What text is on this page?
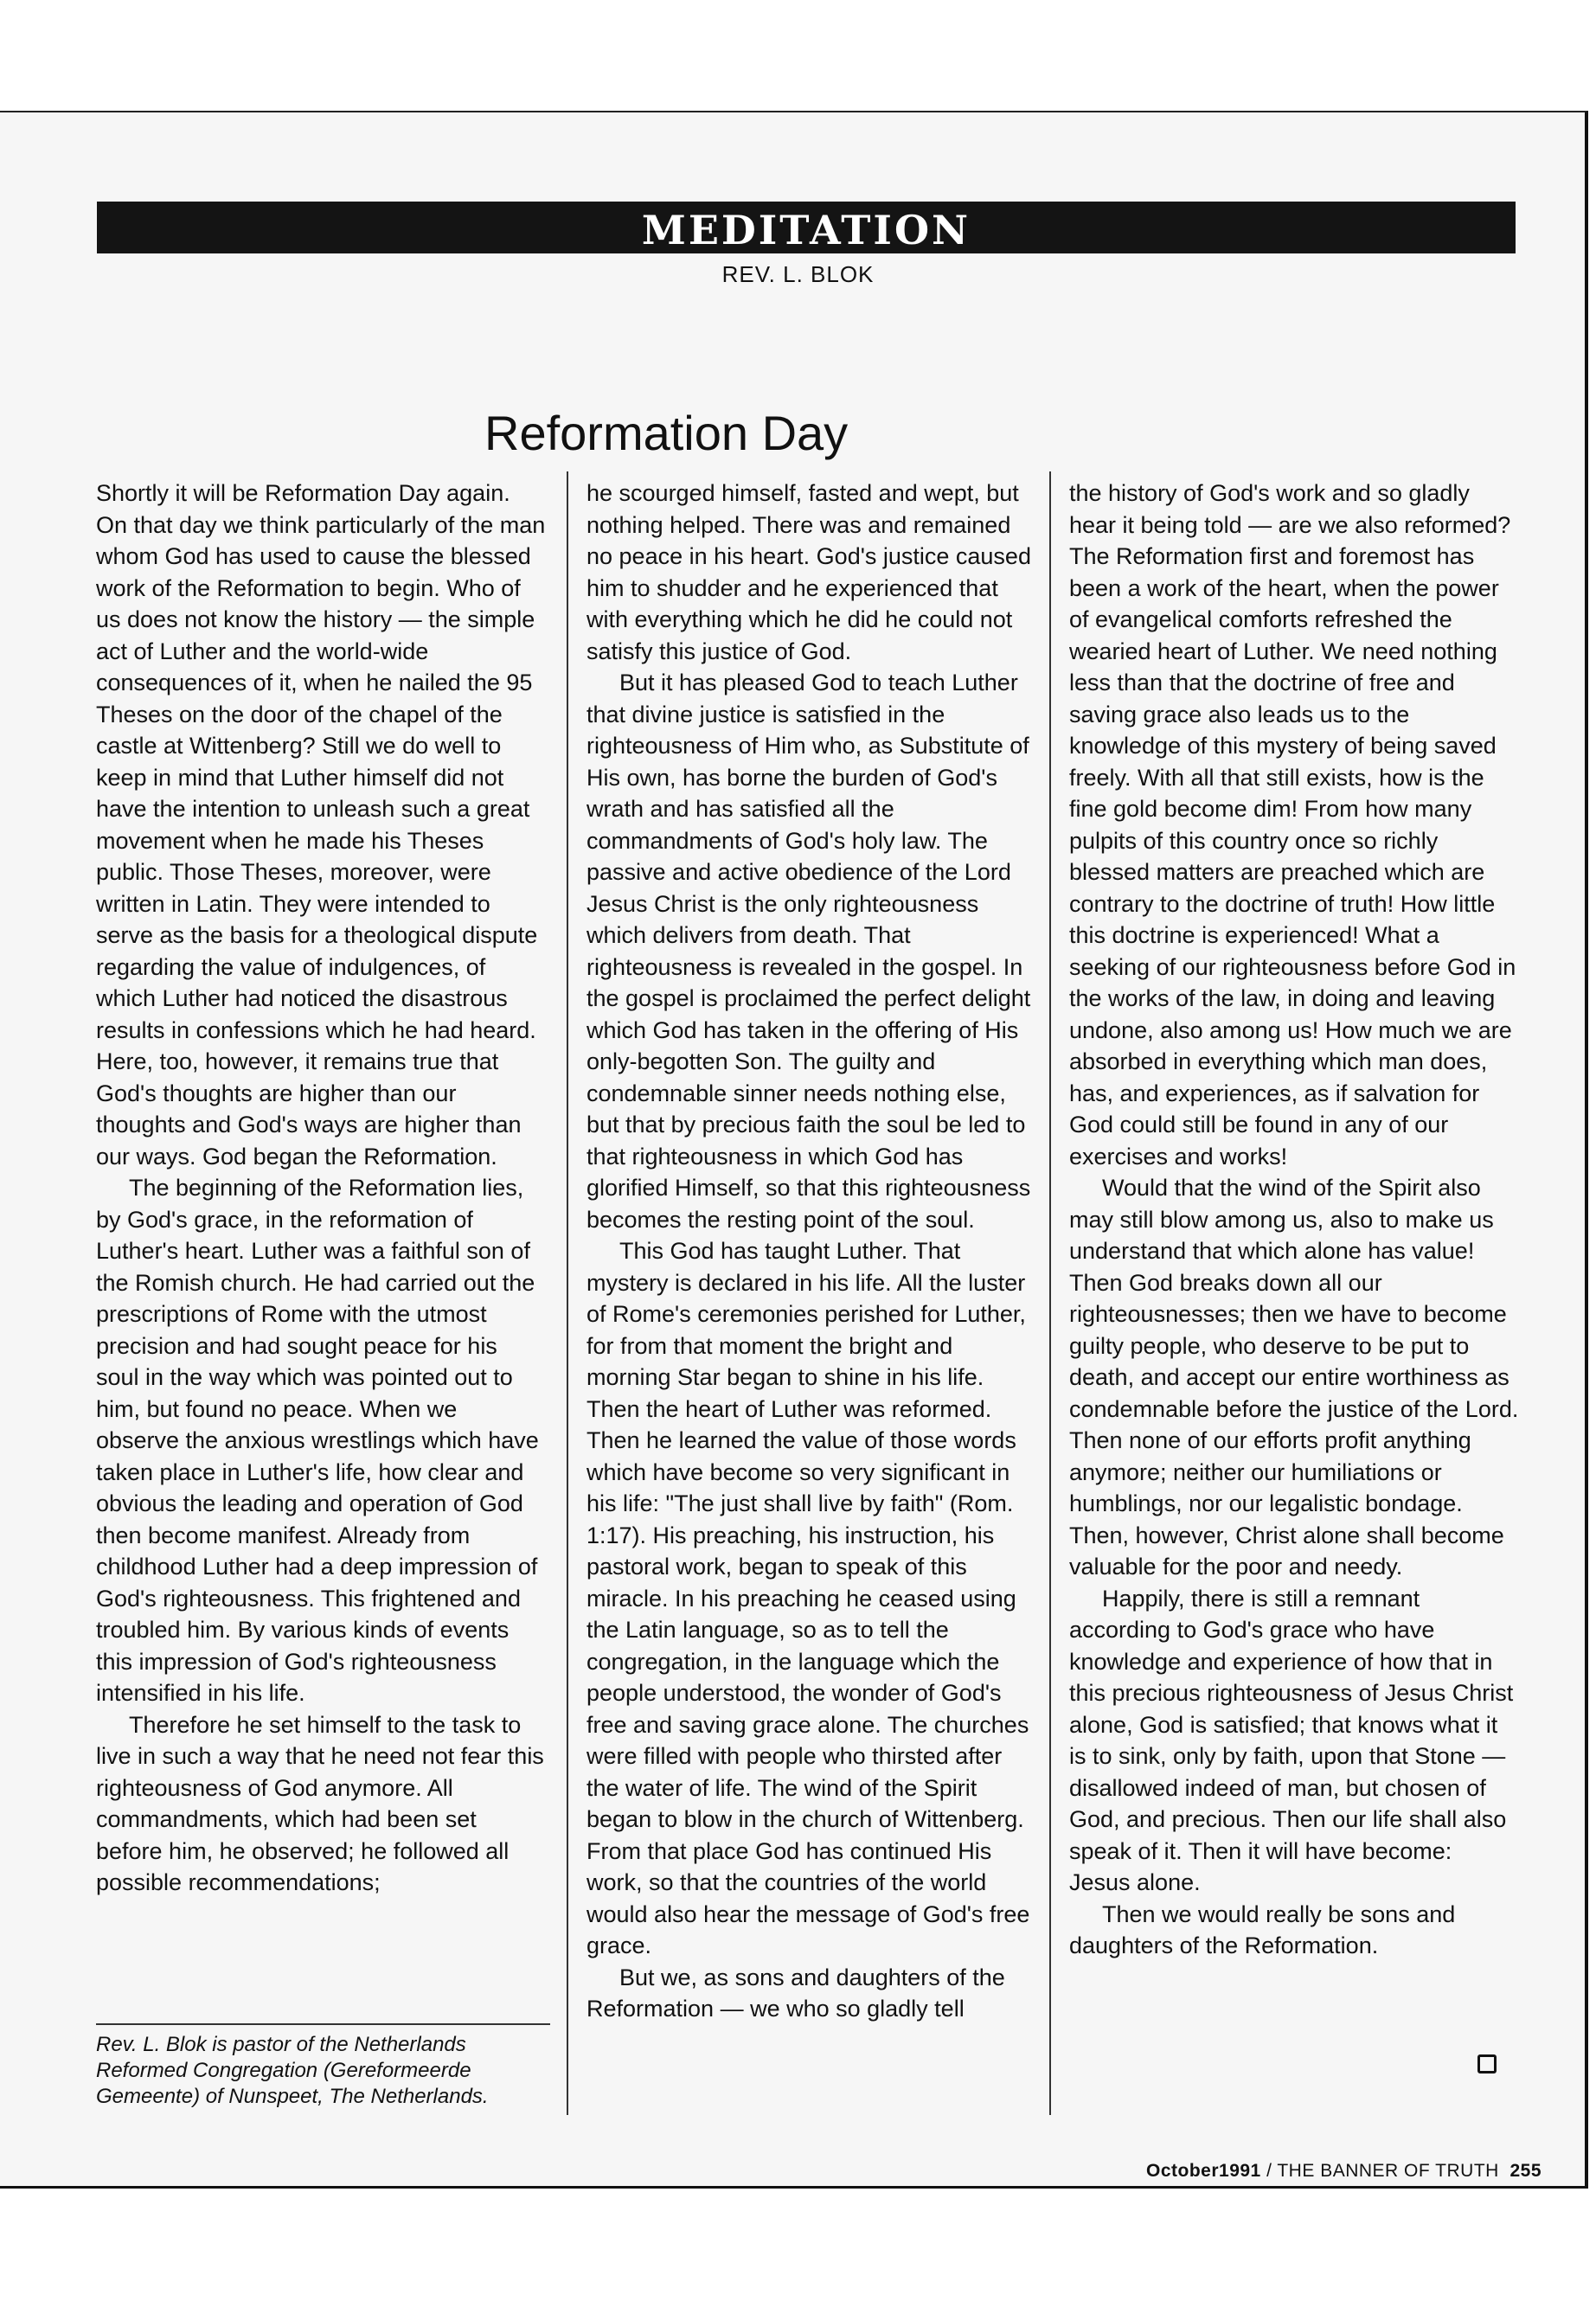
MEDITATION
REV. L. BLOK
Reformation Day

Shortly it will be Reformation Day again. On that day we think particularly of the man whom God has used to cause the blessed work of the Reformation to begin. Who of us does not know the history — the simple act of Luther and the world-wide consequences of it, when he nailed the 95 Theses on the door of the chapel of the castle at Wittenberg? Still we do well to keep in mind that Luther himself did not have the intention to unleash such a great movement when he made his Theses public. Those Theses, moreover, were written in Latin. They were intended to serve as the basis for a theological dispute regarding the value of indulgences, of which Luther had noticed the disastrous results in confessions which he had heard. Here, too, however, it remains true that God's thoughts are higher than our thoughts and God's ways are higher than our ways. God began the Reformation.

The beginning of the Reformation lies, by God's grace, in the reformation of Luther's heart. Luther was a faithful son of the Romish church. He had carried out the prescriptions of Rome with the utmost precision and had sought peace for his soul in the way which was pointed out to him, but found no peace. When we observe the anxious wrestlings which have taken place in Luther's life, how clear and obvious the leading and operation of God then become manifest. Already from childhood Luther had a deep impression of God's righteousness. This frightened and troubled him. By various kinds of events this impression of God's righteousness intensified in his life.

Therefore he set himself to the task to live in such a way that he need not fear this righteousness of God anymore. All commandments, which had been set before him, he observed; he followed all possible recommendations;

he scourged himself, fasted and wept, but nothing helped. There was and remained no peace in his heart. God's justice caused him to shudder and he experienced that with everything which he did he could not satisfy this justice of God.

But it has pleased God to teach Luther that divine justice is satisfied in the righteousness of Him who, as Substitute of His own, has borne the burden of God's wrath and has satisfied all the commandments of God's holy law. The passive and active obedience of the Lord Jesus Christ is the only righteousness which delivers from death. That righteousness is revealed in the gospel. In the gospel is proclaimed the perfect delight which God has taken in the offering of His only-begotten Son. The guilty and condemnable sinner needs nothing else, but that by precious faith the soul be led to that righteousness in which God has glorified Himself, so that this righteousness becomes the resting point of the soul.

This God has taught Luther. That mystery is declared in his life. All the luster of Rome's ceremonies perished for Luther, for from that moment the bright and morning Star began to shine in his life. Then the heart of Luther was reformed. Then he learned the value of those words which have become so very significant in his life: "The just shall live by faith" (Rom. 1:17). His preaching, his instruction, his pastoral work, began to speak of this miracle. In his preaching he ceased using the Latin language, so as to tell the congregation, in the language which the people understood, the wonder of God's free and saving grace alone. The churches were filled with people who thirsted after the water of life. The wind of the Spirit began to blow in the church of Wittenberg. From that place God has continued His work, so that the countries of the world would also hear the message of God's free grace.

But we, as sons and daughters of the Reformation — we who so gladly tell

the history of God's work and so gladly hear it being told — are we also reformed? The Reformation first and foremost has been a work of the heart, when the power of evangelical comforts refreshed the wearied heart of Luther. We need nothing less than that the doctrine of free and saving grace also leads us to the knowledge of this mystery of being saved freely. With all that still exists, how is the fine gold become dim! From how many pulpits of this country once so richly blessed matters are preached which are contrary to the doctrine of truth! How little this doctrine is experienced! What a seeking of our righteousness before God in the works of the law, in doing and leaving undone, also among us! How much we are absorbed in everything which man does, has, and experiences, as if salvation for God could still be found in any of our exercises and works!

Would that the wind of the Spirit also may still blow among us, also to make us understand that which alone has value! Then God breaks down all our righteousnesses; then we have to become guilty people, who deserve to be put to death, and accept our entire worthiness as condemnable before the justice of the Lord. Then none of our efforts profit anything anymore; neither our humiliations or humblings, nor our legalistic bondage. Then, however, Christ alone shall become valuable for the poor and needy.

Happily, there is still a remnant according to God's grace who have knowledge and experience of how that in this precious righteousness of Jesus Christ alone, God is satisfied; that knows what it is to sink, only by faith, upon that Stone — disallowed indeed of man, but chosen of God, and precious. Then our life shall also speak of it. Then it will have become: Jesus alone.

Then we would really be sons and daughters of the Reformation.

Rev. L. Blok is pastor of the Netherlands Reformed Congregation (Gereformeerde Gemeente) of Nunspeet, The Netherlands.
October1991 / THE BANNER OF TRUTH 255
